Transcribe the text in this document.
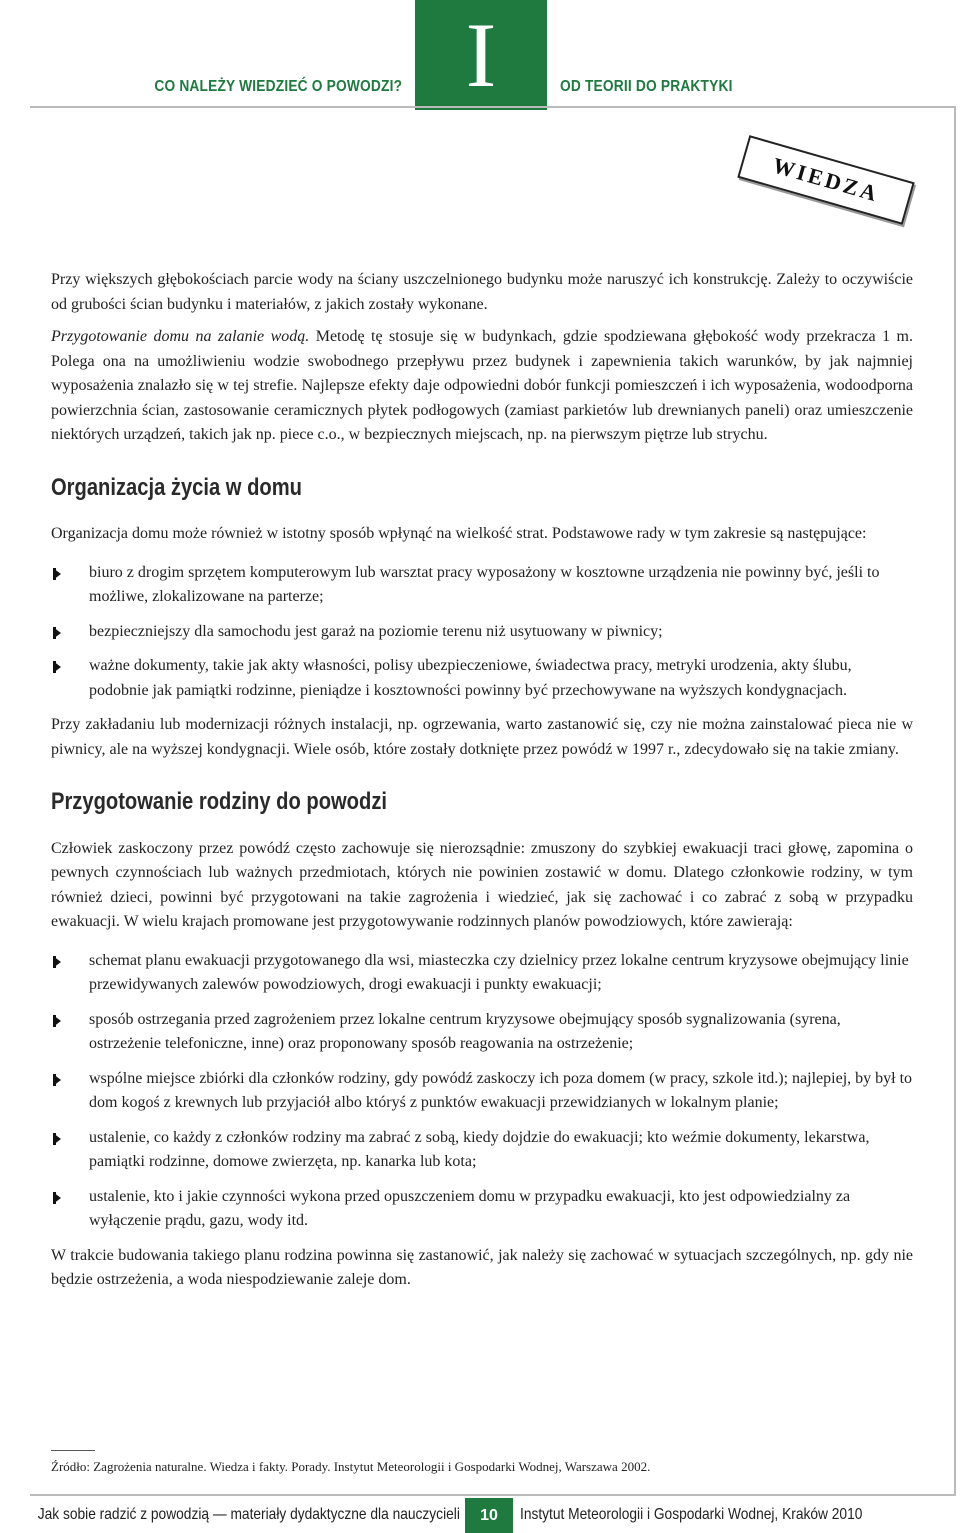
CO NALEŻY WIEDZIEĆ O POWODZI? I	OD TEORII DO PRAKTYKI
WIEDZA

Przy większych głębokościach parcie wody na ściany uszczelnionego budynku może naruszyć ich konstrukcję. Zależy to oczywiście od grubości ścian budynku i materiałów, z jakich zostały wykonane.

Przygotowanie domu na zalanie wodą. Metodę tę stosuje się w budynkach, gdzie spodziewana głębokość wody przekracza 1 m. Polega ona na umożliwieniu wodzie swobodnego przepływu przez budynek i zapewnienia takich warunków, by jak najmniej wyposażenia znalazło się w tej strefie. Najlepsze efekty daje odpowiedni dobór funkcji pomieszczeń i ich wyposażenia, wodoodporna powierzchnia ścian, zastosowanie ceramicznych płytek podłogowych (zamiast parkietów lub drewnianych paneli) oraz umieszczenie niektórych urządzeń, takich jak np. piece c.o., w bezpiecznych miejscach, np. na pierwszym piętrze lub strychu.

Organizacja życia w domu

Organizacja domu może również w istotny sposób wpłynąć na wielkość strat. Podstawowe rady w tym zakresie są następujące:

biuro z drogim sprzętem komputerowym lub warsztat pracy wyposażony w kosztowne urządzenia nie powinny być, jeśli to możliwe, zlokalizowane na parterze;
bezpieczniejszy dla samochodu jest garaż na poziomie terenu niż usytuowany w piwnicy;
ważne dokumenty, takie jak akty własności, polisy ubezpieczeniowe, świadectwa pracy, metryki urodzenia, akty ślubu, podobnie jak pamiątki rodzinne, pieniądze i kosztowności powinny być przechowywane na wyższych kondygnacjach.

Przy zakładaniu lub modernizacji różnych instalacji, np. ogrzewania, warto zastanowić się, czy nie można zainstalować pieca nie w piwnicy, ale na wyższej kondygnacji. Wiele osób, które zostały dotknięte przez powódź w 1997 r., zdecydowało się na takie zmiany.

Przygotowanie rodziny do powodzi

Człowiek zaskoczony przez powódź często zachowuje się nierozsądnie: zmuszony do szybkiej ewakuacji traci głowę, zapomina o pewnych czynnościach lub ważnych przedmiotach, których nie powinien zostawić w domu. Dlatego członkowie rodziny, w tym również dzieci, powinni być przygotowani na takie zagrożenia i wiedzieć, jak się zachować i co zabrać z sobą w przypadku ewakuacji. W wielu krajach promowane jest przygotowywanie rodzinnych planów powodziowych, które zawierają:

schemat planu ewakuacji przygotowanego dla wsi, miasteczka czy dzielnicy przez lokalne centrum kryzysowe obejmujący linie przewidywanych zalewów powodziowych, drogi ewakuacji i punkty ewakuacji;
sposób ostrzegania przed zagrożeniem przez lokalne centrum kryzysowe obejmujący sposób sygnalizowania (syrena, ostrzeżenie telefoniczne, inne) oraz proponowany sposób reagowania na ostrzeżenie;
wspólne miejsce zbiórki dla członków rodziny, gdy powódź zaskoczy ich poza domem (w pracy, szkole itd.); najlepiej, by był to dom kogoś z krewnych lub przyjaciół albo któryś z punktów ewakuacji przewidzianych w lokalnym planie;
ustalenie, co każdy z członków rodziny ma zabrać z sobą, kiedy dojdzie do ewakuacji; kto weźmie dokumenty, lekarstwa, pamiątki rodzinne, domowe zwierzęta, np. kanarka lub kota;
ustalenie, kto i jakie czynności wykona przed opuszczeniem domu w przypadku ewakuacji, kto jest odpowiedzialny za wyłączenie prądu, gazu, wody itd.

W trakcie budowania takiego planu rodzina powinna się zastanowić, jak należy się zachować w sytuacjach szczególnych, np. gdy nie będzie ostrzeżenia, a woda niespodziewanie zaleje dom.

Źródło: Zagrożenia naturalne. Wiedza i fakty. Porady. Instytut Meteorologii i Gospodarki Wodnej, Warszawa 2002.
Jak sobie radzić z powodzią — materiały dydaktyczne dla nauczycieli	10	Instytut Meteorologii i Gospodarki Wodnej, Kraków 2010
